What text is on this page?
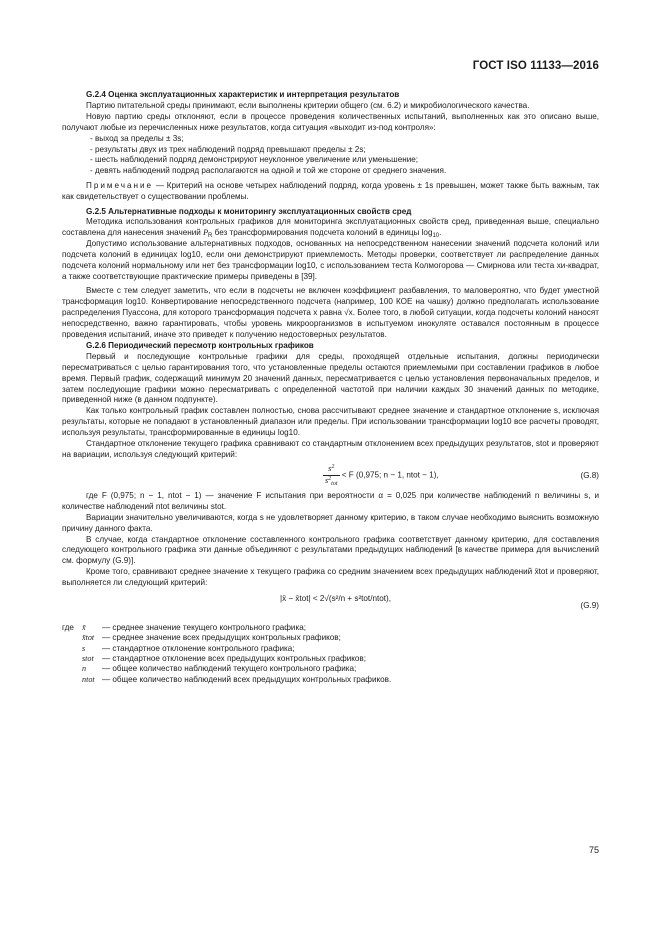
ГОСТ ISO 11133—2016
G.2.4 Оценка эксплуатационных характеристик и интерпретация результатов
Партию питательной среды принимают, если выполнены критерии общего (см. 6.2) и микробиологического качества.
Новую партию среды отклоняют, если в процессе проведения количественных испытаний, выполненных как это описано выше, получают любые из перечисленных ниже результатов, когда ситуация «выходит из-под контроля»:
- выход за пределы ± 3s;
- результаты двух из трех наблюдений подряд превышают пределы ± 2s;
- шесть наблюдений подряд демонстрируют неуклонное увеличение или уменьшение;
- девять наблюдений подряд располагаются на одной и той же стороне от среднего значения.
Примечание — Критерий на основе четырех наблюдений подряд, когда уровень ± 1s превышен, может также быть важным, так как свидетельствует о существовании проблемы.
G.2.5 Альтернативные подходы к мониторингу эксплуатационных свойств сред
Методика использования контрольных графиков для мониторинга эксплуатационных свойств сред, приведенная выше, специально составлена для нанесения значений $P_R$ без трансформирования подсчета колоний в единицы $\log_{10}$.
Допустимо использование альтернативных подходов, основанных на непосредственном нанесении значений подсчета колоний или подсчета колоний в единицах log10, если они демонстрируют приемлемость. Методы проверки, соответствует ли распределение данных подсчета колоний нормальному или нет без трансформации log10, с использованием теста Колмогорова — Смирнова или теста хи-квадрат, а также соответствующие практические примеры приведены в [39].
Вместе с тем следует заметить, что если в подсчеты не включен коэффициент разбавления, то маловероятно, что будет уместной трансформация log10. Конвертирование непосредственного подсчета (например, 100 КОЕ на чашку) должно предполагать использование распределения Пуассона, для которого трансформация подсчета x равна √x. Более того, в любой ситуации, когда подсчеты колоний наносят непосредственно, важно гарантировать, чтобы уровень микроорганизмов в испытуемом инокуляте оставался постоянным в процессе проведения испытаний, иначе это приведет к получению недостоверных результатов.
G.2.6 Периодический пересмотр контрольных графиков
Первый и последующие контрольные графики для среды, проходящей отдельные испытания, должны периодически пересматриваться с целью гарантирования того, что установленные пределы остаются приемлемыми при составлении графиков в любое время. Первый график, содержащий минимум 20 значений данных, пересматривается с целью установления первоначальных пределов, и затем последующие графики можно пересматривать с определенной частотой при наличии каждых 30 значений данных по методике, приведенной ниже (в данном подпункте).
Как только контрольный график составлен полностью, снова рассчитывают среднее значение и стандартное отклонение s, исключая результаты, которые не попадают в установленный диапазон или пределы. При использовании трансформации log10 все расчеты проводят, используя результаты, трансформированные в единицы log10.
Стандартное отклонение текущего графика сравнивают со стандартным отклонением всех предыдущих результатов, stot и проверяют на вариации, используя следующий критерий:
$\frac{s^2}{s^2_{tot}} < F$ (0,975; n − 1, ntot − 1),	(G.8)
где F (0,975; n − 1, ntot − 1) — значение F испытания при вероятности α = 0,025 при количестве наблюдений n величины s, и количестве наблюдений ntot величины stot.
Вариации значительно увеличиваются, когда s не удовлетворяет данному критерию, в таком случае необходимо выяснить возможную причину данного факта.
В случае, когда стандартное отклонение составленного контрольного графика соответствует данному критерию, для составления следующего контрольного графика эти данные объединяют с результатами предыдущих наблюдений [в качестве примера для вычислений см. формулу (G.9)].
Кроме того, сравнивают среднее значение x текущего графика со средним значением всех предыдущих наблюдений x̄tot и проверяют, выполняется ли следующий критерий:
|x̄ − x̄tot| < 2√(s²/n + s²tot/ntot),
(G.9)
где x̄ — среднее значение текущего контрольного графика;
x̄tot — среднее значение всех предыдущих контрольных графиков;
s — стандартное отклонение контрольного графика;
stot — стандартное отклонение всех предыдущих контрольных графиков;
n — общее количество наблюдений текущего контрольного графика;
ntot — общее количество наблюдений всех предыдущих контрольных графиков.
75
